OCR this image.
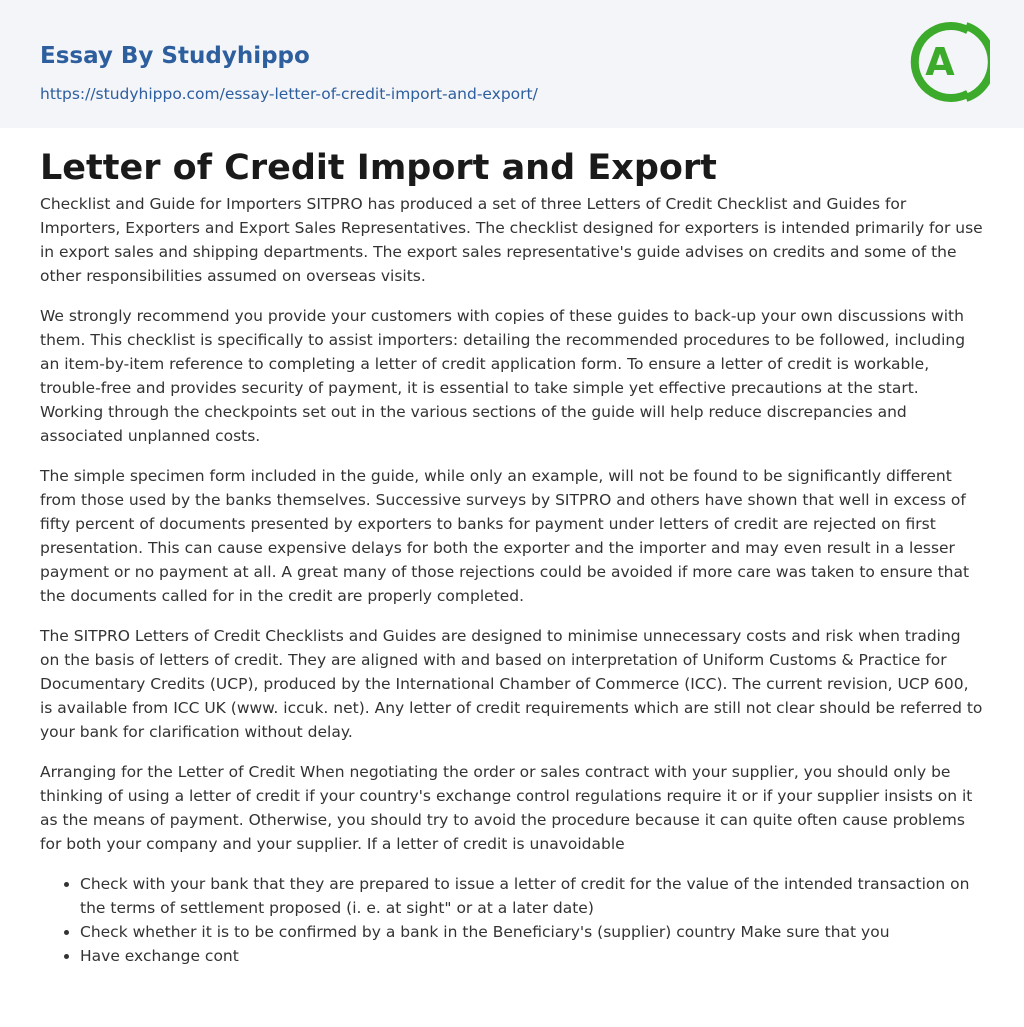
Essay By Studyhippo
https://studyhippo.com/essay-letter-of-credit-import-and-export/
A
Letter of Credit Import and Export

Checklist and Guide for Importers SITPRO has produced a set of three Letters of Credit Checklist and Guides for Importers, Exporters and Export Sales Representatives. The checklist designed for exporters is intended primarily for use in export sales and shipping departments. The export sales representative's guide advises on credits and some of the other responsibilities assumed on overseas visits.

We strongly recommend you provide your customers with copies of these guides to back-up your own discussions with them. This checklist is specifically to assist importers: detailing the recommended procedures to be followed, including an item-by-item reference to completing a letter of credit application form. To ensure a letter of credit is workable, trouble-free and provides security of payment, it is essential to take simple yet effective precautions at the start. Working through the checkpoints set out in the various sections of the guide will help reduce discrepancies and associated unplanned costs.

The simple specimen form included in the guide, while only an example, will not be found to be significantly different from those used by the banks themselves. Successive surveys by SITPRO and others have shown that well in excess of fifty percent of documents presented by exporters to banks for payment under letters of credit are rejected on first presentation. This can cause expensive delays for both the exporter and the importer and may even result in a lesser payment or no payment at all. A great many of those rejections could be avoided if more care was taken to ensure that the documents called for in the credit are properly completed.

The SITPRO Letters of Credit Checklists and Guides are designed to minimise unnecessary costs and risk when trading on the basis of letters of credit. They are aligned with and based on interpretation of Uniform Customs & Practice for Documentary Credits (UCP), produced by the International Chamber of Commerce (ICC). The current revision, UCP 600, is available from ICC UK (www. iccuk. net). Any letter of credit requirements which are still not clear should be referred to your bank for clarification without delay.

Arranging for the Letter of Credit When negotiating the order or sales contract with your supplier, you should only be thinking of using a letter of credit if your country's exchange control regulations require it or if your supplier insists on it as the means of payment. Otherwise, you should try to avoid the procedure because it can quite often cause problems for both your company and your supplier. If a letter of credit is unavoidable

• Check with your bank that they are prepared to issue a letter of credit for the value of the intended transaction on the terms of settlement proposed (i. e. at sight" or at a later date)
• Check whether it is to be confirmed by a bank in the Beneficiary's (supplier) country Make sure that you
• Have exchange cont
